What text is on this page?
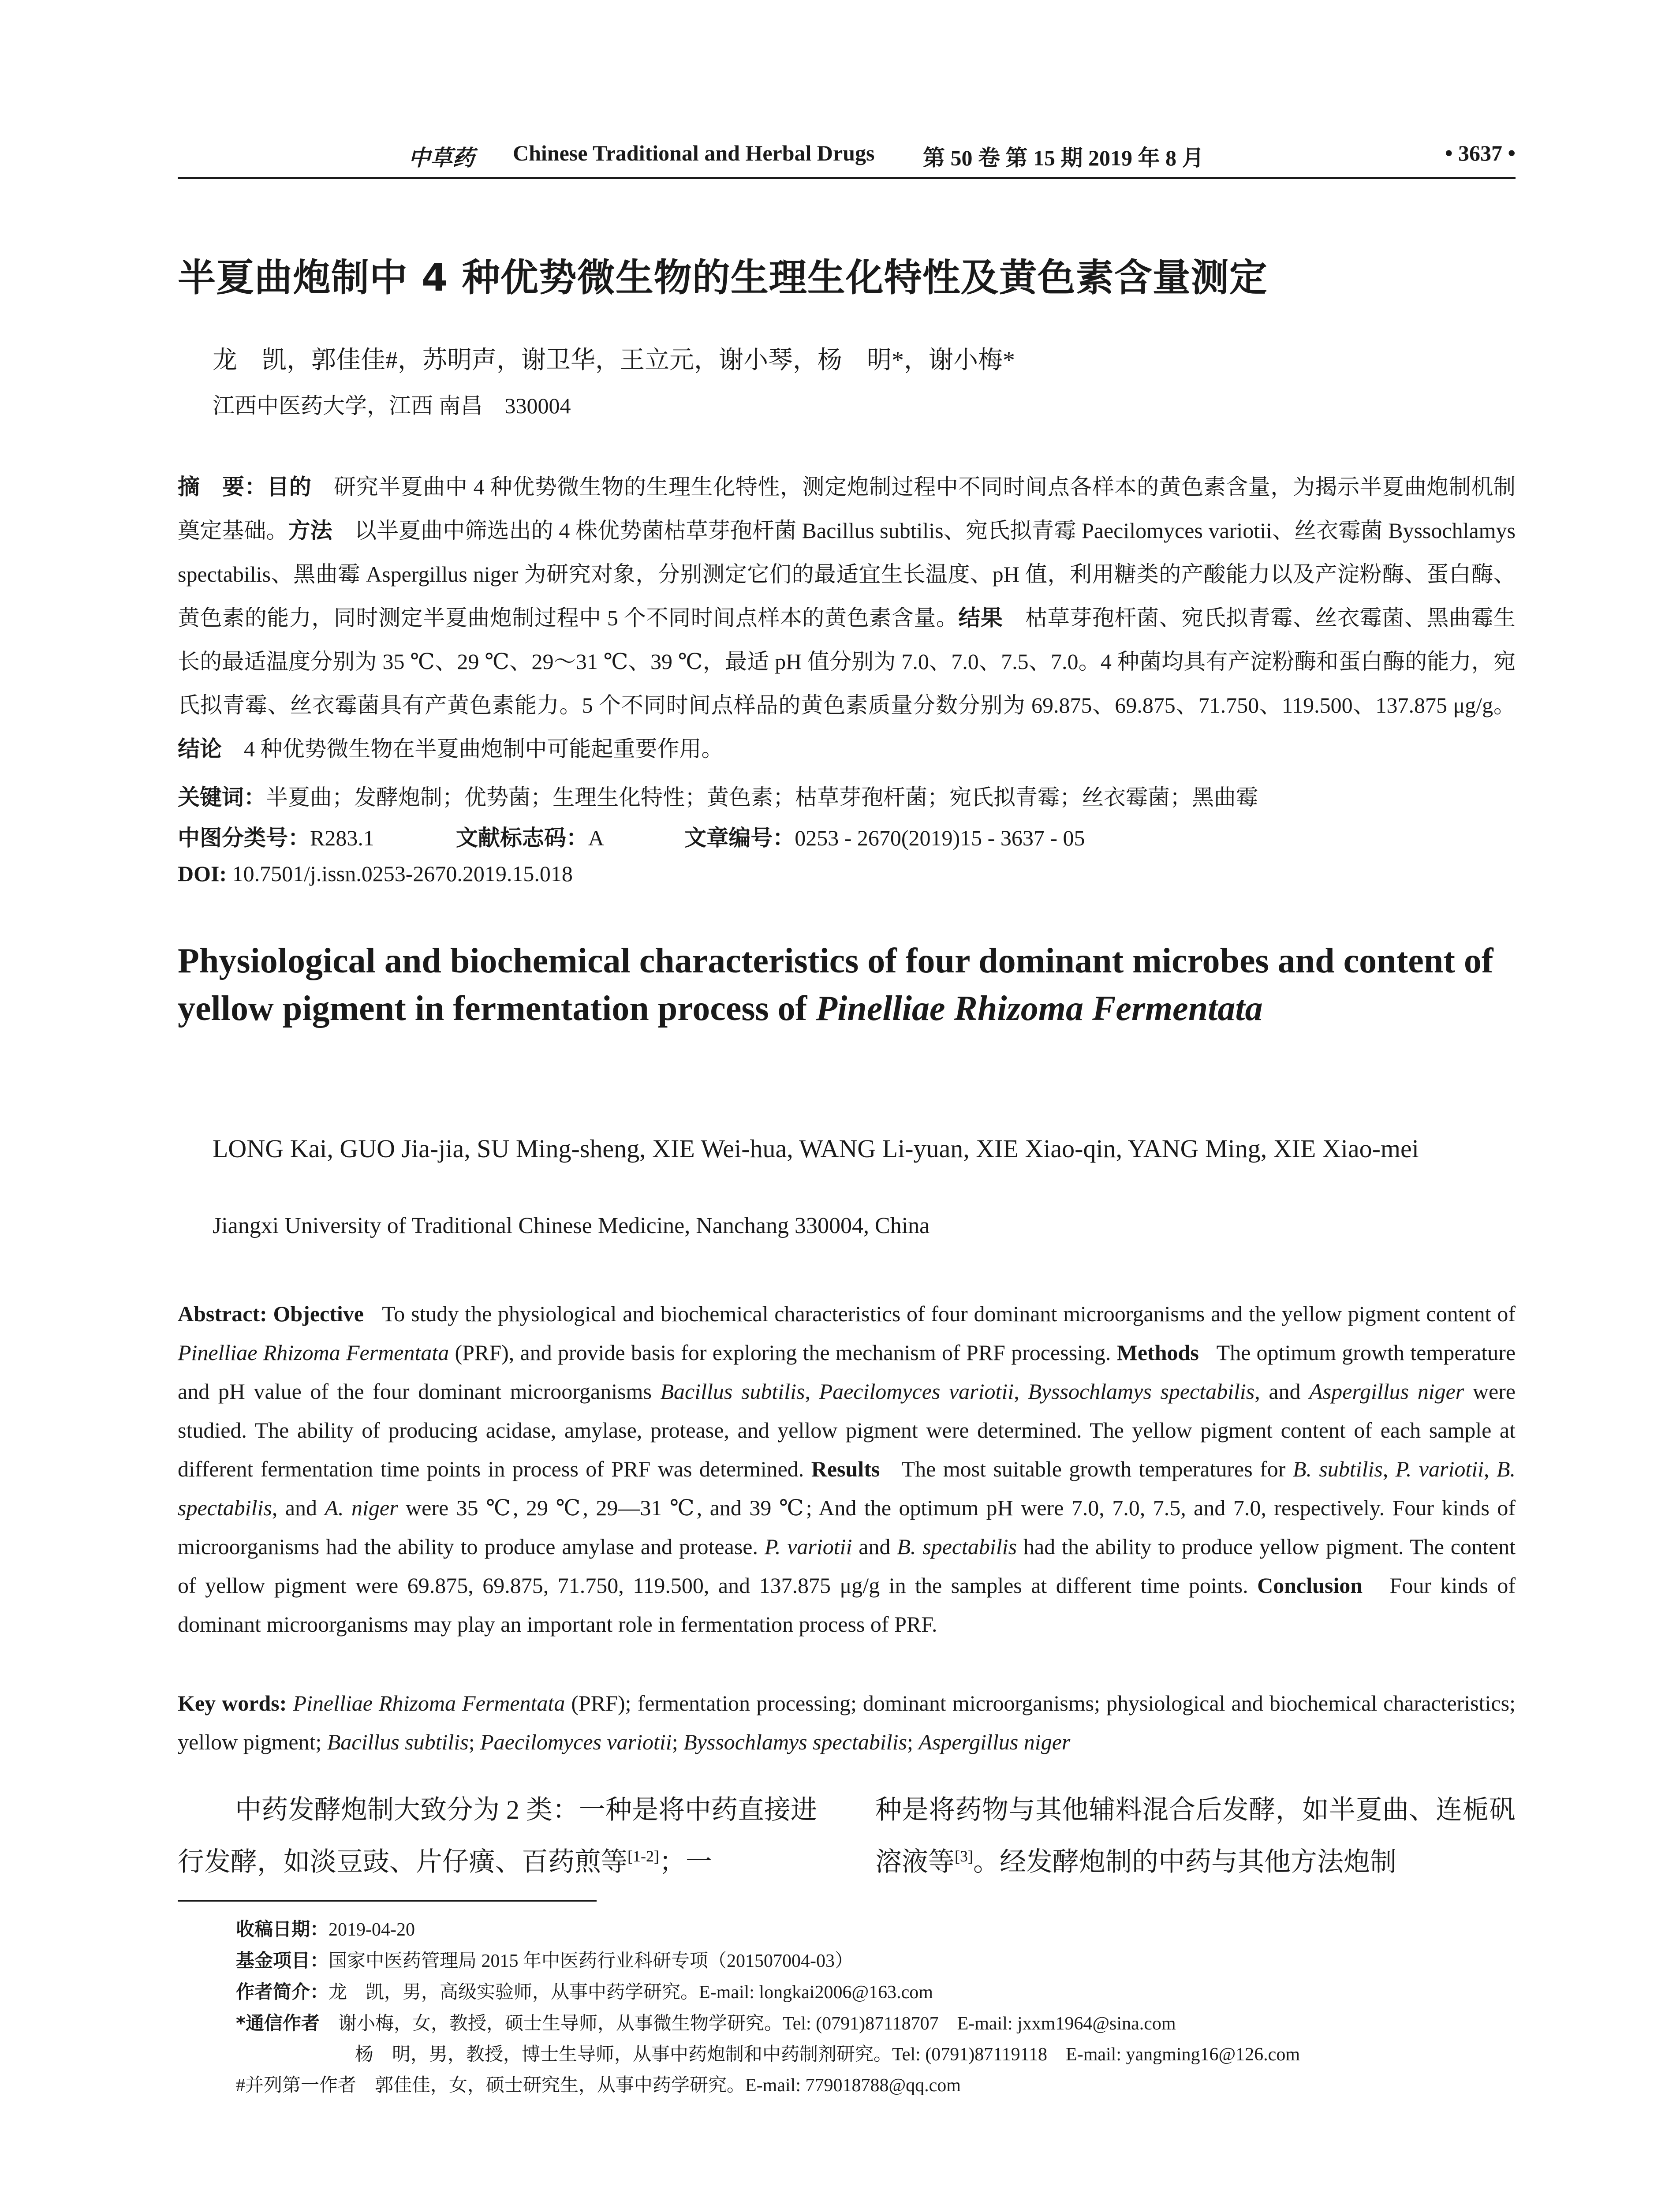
中草药 Chinese Traditional and Herbal Drugs 第 50 卷 第 15 期 2019 年 8 月	• 3637 •
半夏曲炮制中 4 种优势微生物的生理生化特性及黄色素含量测定
龙　凯，郭佳佳#，苏明声，谢卫华，王立元，谢小琴，杨　明*，谢小梅*
江西中医药大学，江西 南昌　330004
摘　要：目的　 研究半夏曲中 4 种优势微生物的生理生化特性，测定炮制过程中不同时间点各样本的黄色素含量，为揭示半夏曲炮制机制奠定基础。方法　 以半夏曲中筛选出的 4 株优势菌枯草芽孢杆菌 Bacillus subtilis、宛氏拟青霉 Paecilomyces variotii、丝衣霉菌 Byssochlamys spectabilis、黑曲霉 Aspergillus niger 为研究对象，分别测定它们的最适宜生长温度、pH 值，利用糖类的产酸能力以及产淀粉酶、蛋白酶、黄色素的能力，同时测定半夏曲炮制过程中 5 个不同时间点样本的黄色素含量。结果　 枯草芽孢杆菌、宛氏拟青霉、丝衣霉菌、黑曲霉生长的最适温度分别为 35 ℃、29 ℃、29～31 ℃、39 ℃，最适 pH 值分别为 7.0、7.0、7.5、7.0。4 种菌均具有产淀粉酶和蛋白酶的能力，宛氏拟青霉、丝衣霉菌具有产黄色素能力。5 个不同时间点样品的黄色素质量分数分别为 69.875、69.875、71.750、119.500、137.875 μg/g。结论　 4 种优势微生物在半夏曲炮制中可能起重要作用。
关键词：半夏曲；发酵炮制；优势菌；生理生化特性；黄色素；枯草芽孢杆菌；宛氏拟青霉；丝衣霉菌；黑曲霉
中图分类号：R283.1	文献标志码：A	文章编号：0253 - 2670(2019)15 - 3637 - 05
DOI: 10.7501/j.issn.0253-2670.2019.15.018
Physiological and biochemical characteristics of four dominant microbes and content of yellow pigment in fermentation process of Pinelliae Rhizoma Fermentata
LONG Kai, GUO Jia-jia, SU Ming-sheng, XIE Wei-hua, WANG Li-yuan, XIE Xiao-qin, YANG Ming, XIE Xiao-mei
Jiangxi University of Traditional Chinese Medicine, Nanchang 330004, China
Abstract: Objective To study the physiological and biochemical characteristics of four dominant microorganisms and the yellow pigment content of Pinelliae Rhizoma Fermentata (PRF), and provide basis for exploring the mechanism of PRF processing. Methods The optimum growth temperature and pH value of the four dominant microorganisms Bacillus subtilis, Paecilomyces variotii, Byssochlamys spectabilis, and Aspergillus niger were studied. The ability of producing acidase, amylase, protease, and yellow pigment were determined. The yellow pigment content of each sample at different fermentation time points in process of PRF was determined. Results The most suitable growth temperatures for B. subtilis, P. variotii, B. spectabilis, and A. niger were 35 ℃, 29 ℃, 29—31 ℃, and 39 ℃; And the optimum pH were 7.0, 7.0, 7.5, and 7.0, respectively. Four kinds of microorganisms had the ability to produce amylase and protease. P. variotii and B. spectabilis had the ability to produce yellow pigment. The content of yellow pigment were 69.875, 69.875, 71.750, 119.500, and 137.875 μg/g in the samples at different time points. Conclusion Four kinds of dominant microorganisms may play an important role in fermentation process of PRF.
Key words: Pinelliae Rhizoma Fermentata (PRF); fermentation processing; dominant microorganisms; physiological and biochemical characteristics; yellow pigment; Bacillus subtilis; Paecilomyces variotii; Byssochlamys spectabilis; Aspergillus niger
中药发酵炮制大致分为 2 类：一种是将中药直接进行发酵，如淡豆豉、片仔癀、百药煎等[1-2]；一
种是将药物与其他辅料混合后发酵，如半夏曲、连栀矾溶液等[3]。经发酵炮制的中药与其他方法炮制
收稿日期：2019-04-20
基金项目：国家中医药管理局 2015 年中医药行业科研专项（201507004-03）
作者简介：龙　凯，男，高级实验师，从事中药学研究。E-mail: longkai2006@163.com
*通信作者 谢小梅，女，教授，硕士生导师，从事微生物学研究。Tel: (0791)87118707　E-mail: jxxm1964@sina.com
杨　明，男，教授，博士生导师，从事中药炮制和中药制剂研究。Tel: (0791)87119118　E-mail: yangming16@126.com
#并列第一作者 郭佳佳，女，硕士研究生，从事中药学研究。E-mail: 779018788@qq.com
